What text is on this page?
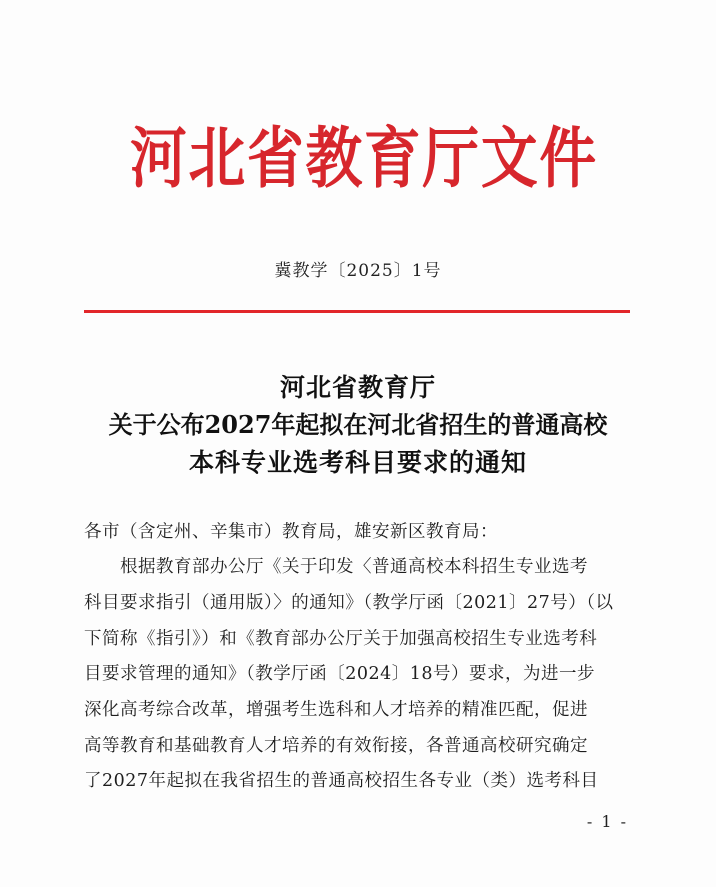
河北省教育厅文件
冀教学〔2025〕1号
河北省教育厅
关于公布2027年起拟在河北省招生的普通高校
本科专业选考科目要求的通知
各市（含定州、辛集市）教育局，雄安新区教育局：
　　根据教育部办公厅《关于印发〈普通高校本科招生专业选考
科目要求指引（通用版）〉的通知》（教学厅函〔2021〕27号）（以
下简称《指引》）和《教育部办公厅关于加强高校招生专业选考科
目要求管理的通知》（教学厅函〔2024〕18号）要求，为进一步
深化高考综合改革，增强考生选科和人才培养的精准匹配，促进
高等教育和基础教育人才培养的有效衔接，各普通高校研究确定
了2027年起拟在我省招生的普通高校招生各专业（类）选考科目
- 1 -
